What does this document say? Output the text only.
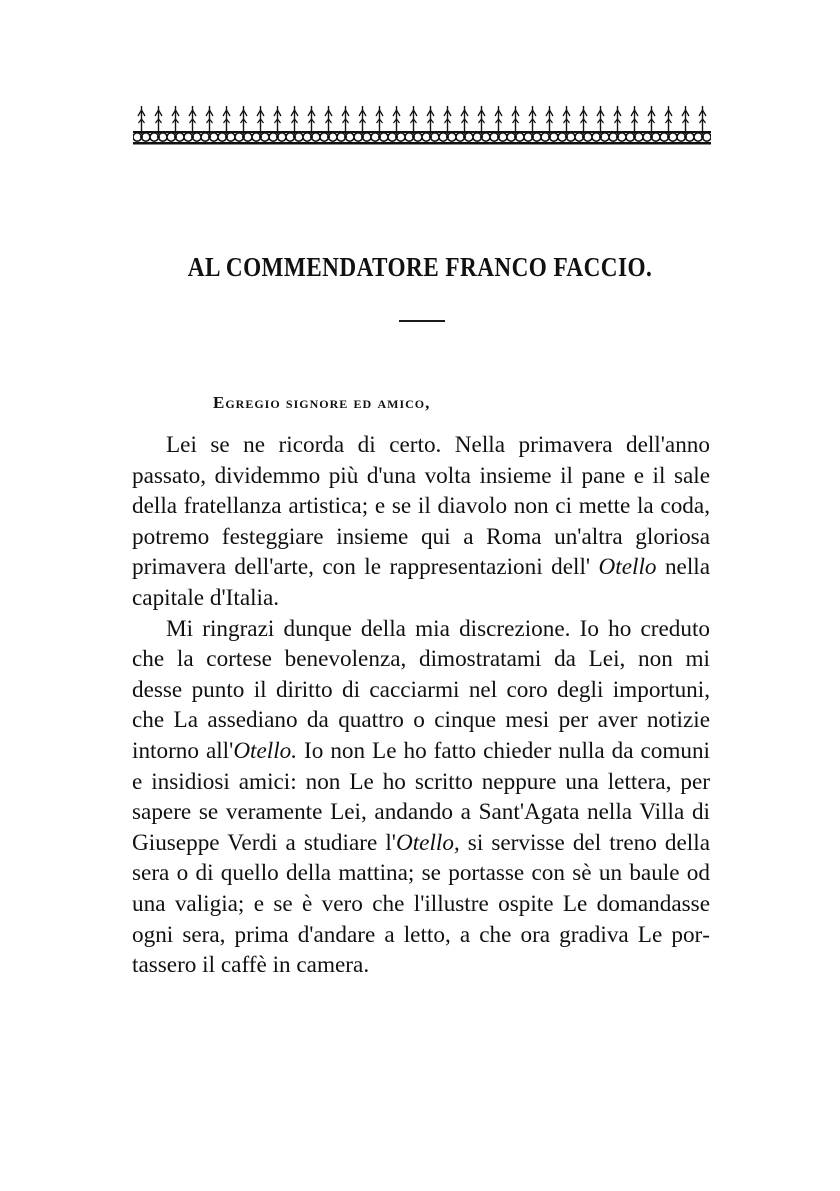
AL COMMENDATORE FRANCO FACCIO.

Egregio signore ed amico,

Lei se ne ricorda di certo. Nella primavera dell'anno passato, dividemmo più d'una volta insieme il pane e il sale della fratellanza artistica; e se il diavolo non ci mette la coda, potremo festeggiare insieme qui a Roma un'altra gloriosa primavera dell'arte, con le rappresentazioni dell' Otello nella capitale d'Italia.

Mi ringrazi dunque della mia discrezione. Io ho creduto che la cortese benevolenza, dimostratami da Lei, non mi desse punto il diritto di cacciarmi nel coro degli importuni, che La assediano da quattro o cinque mesi per aver notizie intorno all'Otello. Io non Le ho fatto chieder nulla da comuni e insidiosi amici: non Le ho scritto neppure una lettera, per sapere se veramente Lei, andando a Sant'Agata nella Villa di Giuseppe Verdi a studiare l'Otello, si servisse del treno della sera o di quello della mattina; se portasse con sè un baule od una valigia; e se è vero che l'illustre ospite Le domandasse ogni sera, prima d'andare a letto, a che ora gradiva Le portassero il caffè in camera.
